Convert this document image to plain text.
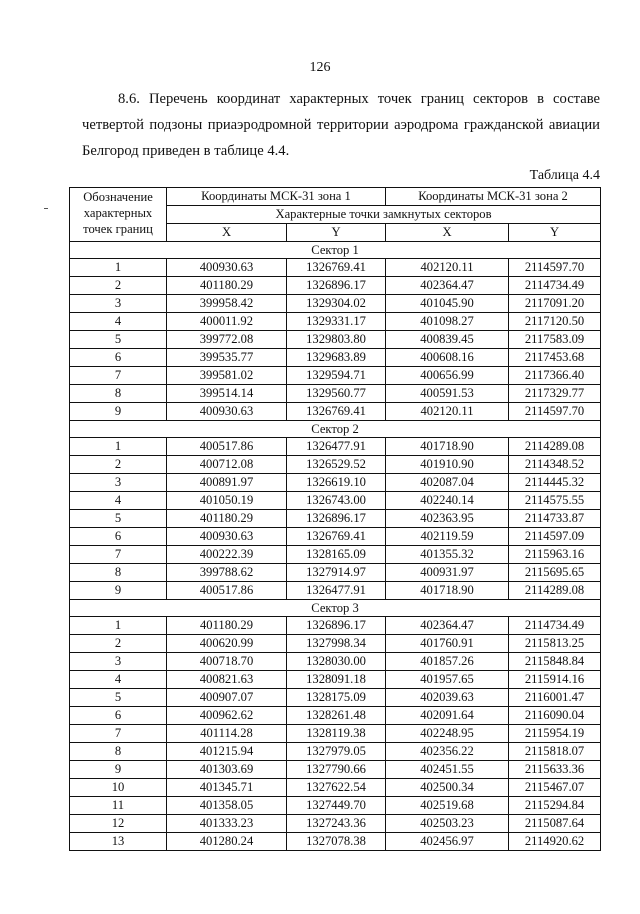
126
8.6. Перечень координат характерных точек границ секторов в составе четвертой подзоны приаэродромной территории аэродрома гражданской авиации Белгород приведен в таблице 4.4.
Таблица 4.4
Обозначение
характерных
точек границ	Координаты МСК-31 зона 1		Координаты МСК-31 зона 2	
	Характерные точки замкнутых секторов			
	X	Y	X	Y
Сектор 1				
1	400930.63	1326769.41	402120.11	2114597.70
2	401180.29	1326896.17	402364.47	2114734.49
3	399958.42	1329304.02	401045.90	2117091.20
4	400011.92	1329331.17	401098.27	2117120.50
5	399772.08	1329803.80	400839.45	2117583.09
6	399535.77	1329683.89	400608.16	2117453.68
7	399581.02	1329594.71	400656.99	2117366.40
8	399514.14	1329560.77	400591.53	2117329.77
9	400930.63	1326769.41	402120.11	2114597.70
Сектор 2				
1	400517.86	1326477.91	401718.90	2114289.08
2	400712.08	1326529.52	401910.90	2114348.52
3	400891.97	1326619.10	402087.04	2114445.32
4	401050.19	1326743.00	402240.14	2114575.55
5	401180.29	1326896.17	402363.95	2114733.87
6	400930.63	1326769.41	402119.59	2114597.09
7	400222.39	1328165.09	401355.32	2115963.16
8	399788.62	1327914.97	400931.97	2115695.65
9	400517.86	1326477.91	401718.90	2114289.08
Сектор 3				
1	401180.29	1326896.17	402364.47	2114734.49
2	400620.99	1327998.34	401760.91	2115813.25
3	400718.70	1328030.00	401857.26	2115848.84
4	400821.63	1328091.18	401957.65	2115914.16
5	400907.07	1328175.09	402039.63	2116001.47
6	400962.62	1328261.48	402091.64	2116090.04
7	401114.28	1328119.38	402248.95	2115954.19
8	401215.94	1327979.05	402356.22	2115818.07
9	401303.69	1327790.66	402451.55	2115633.36
10	401345.71	1327622.54	402500.34	2115467.07
11	401358.05	1327449.70	402519.68	2115294.84
12	401333.23	1327243.36	402503.23	2115087.64
13	401280.24	1327078.38	402456.97	2114920.62
